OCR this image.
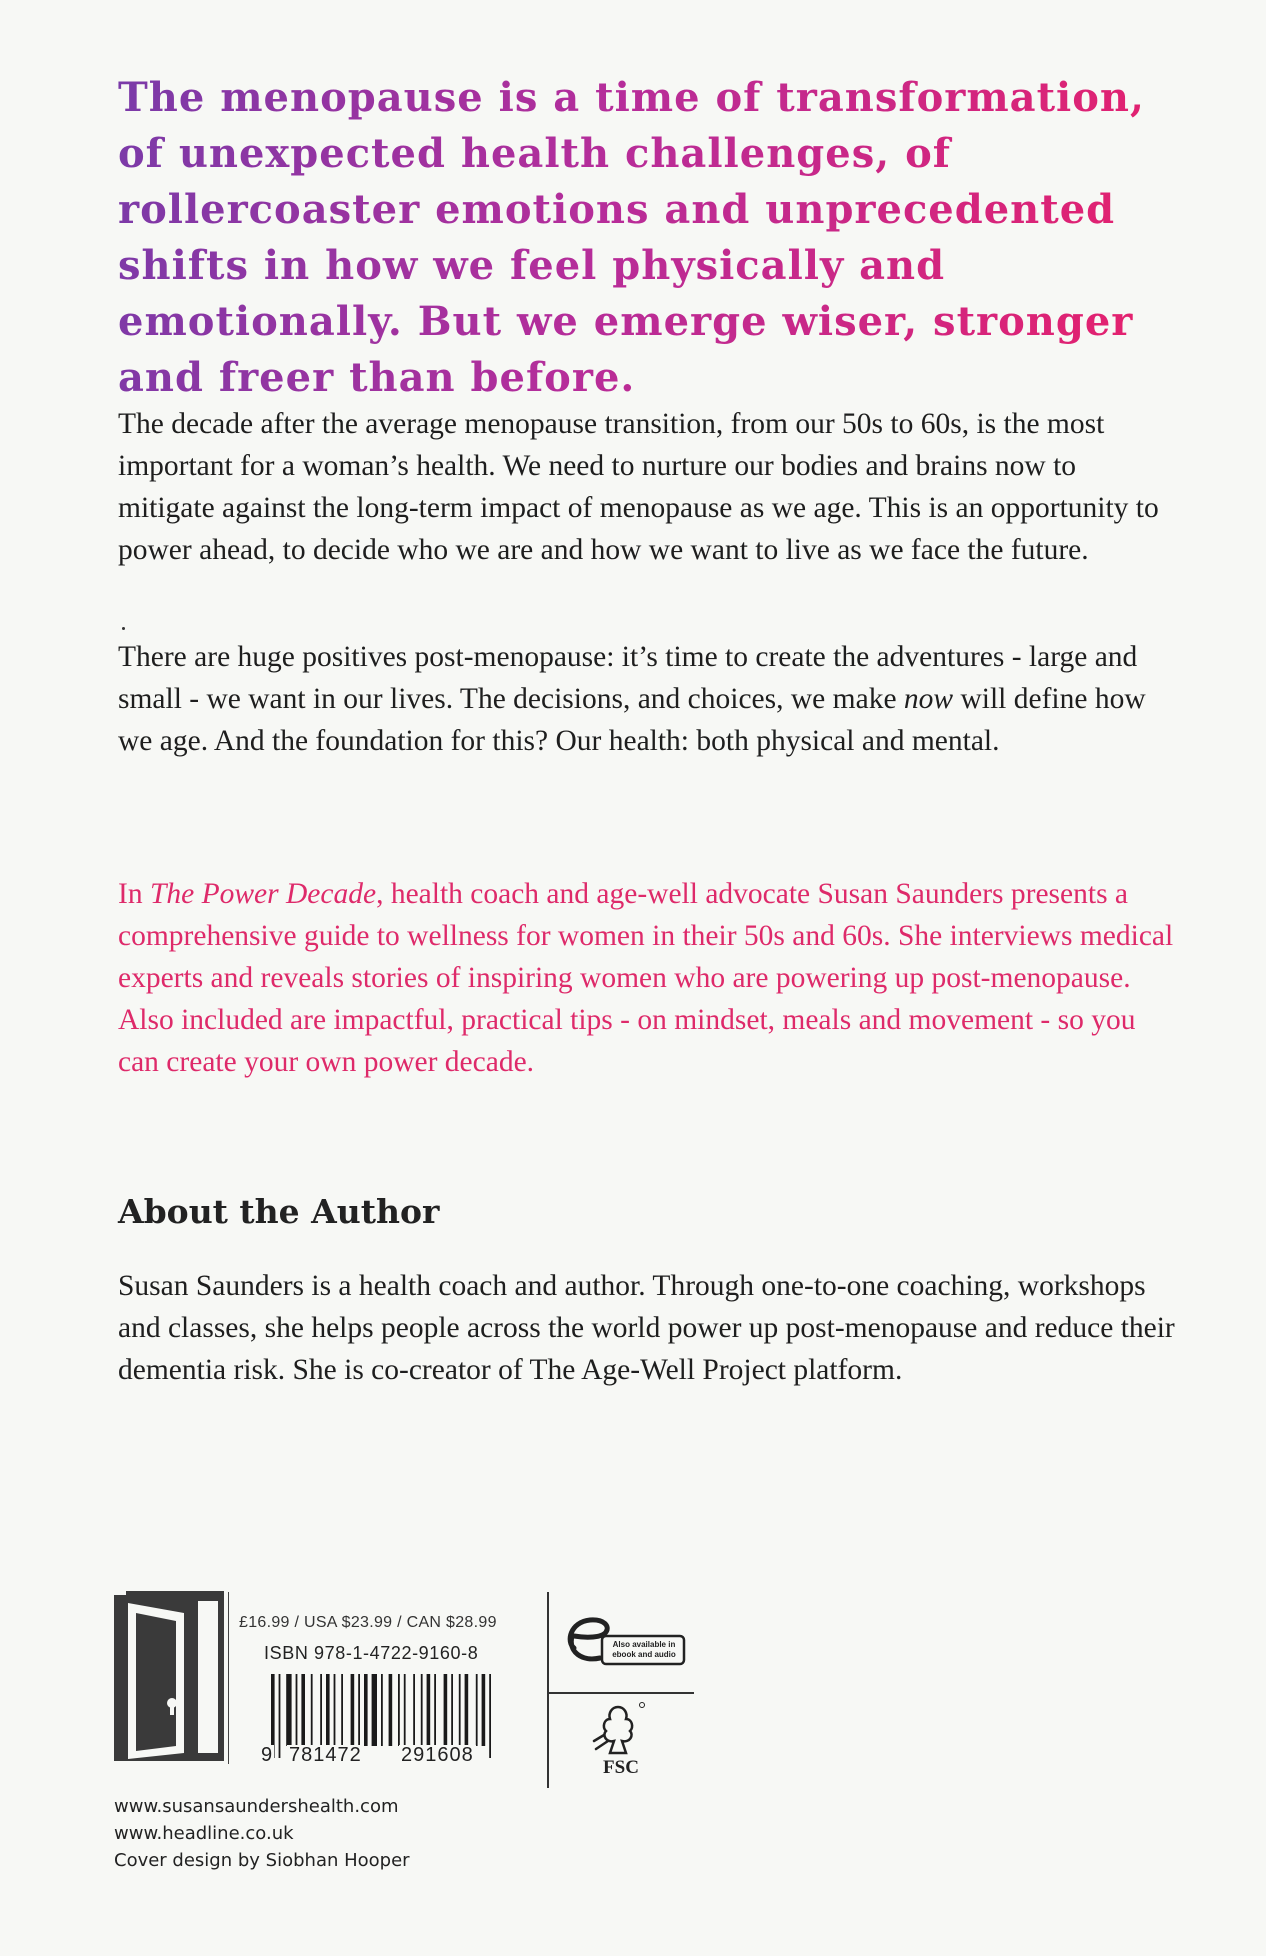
The menopause is a time of transformation, of unexpected health challenges, of rollercoaster emotions and unprecedented shifts in how we feel physically and emotionally. But we emerge wiser, stronger and freer than before.

The decade after the average menopause transition, from our 50s to 60s, is the most important for a woman’s health. We need to nurture our bodies and brains now to mitigate against the long-term impact of menopause as we age. This is an opportunity to power ahead, to decide who we are and how we want to live as we face the future.

There are huge positives post-menopause: it’s time to create the adventures - large and small - we want in our lives. The decisions, and choices, we make now will define how we age. And the foundation for this? Our health: both physical and mental.

In The Power Decade, health coach and age-well advocate Susan Saunders presents a comprehensive guide to wellness for women in their 50s and 60s. She interviews medical experts and reveals stories of inspiring women who are powering up post-menopause. Also included are impactful, practical tips - on mindset, meals and movement - so you can create your own power decade.

About the Author

Susan Saunders is a health coach and author. Through one-to-one coaching, workshops and classes, she helps people across the world power up post-menopause and reduce their dementia risk. She is co-creator of The Age-Well Project platform.

£16.99 / USA $23.99 / CAN $28.99
ISBN 978-1-4722-9160-8
9 781472 291608
Also available in ebook and audio
FSC
www.susansaundershealth.com
www.headline.co.uk
Cover design by Siobhan Hooper
